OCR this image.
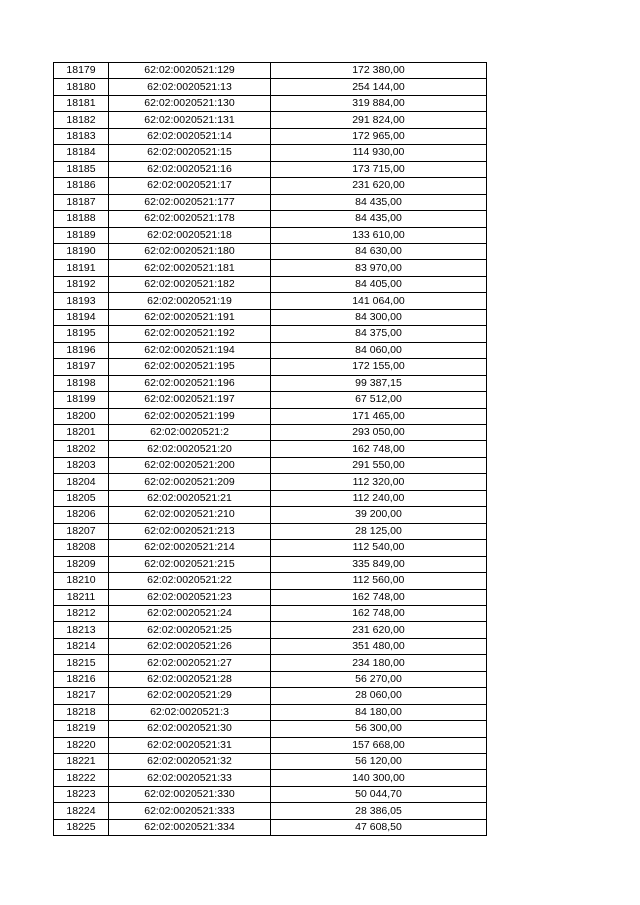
18179	62:02:0020521:129	172 380,00
18180	62:02:0020521:13	254 144,00
18181	62:02:0020521:130	319 884,00
18182	62:02:0020521:131	291 824,00
18183	62:02:0020521:14	172 965,00
18184	62:02:0020521:15	114 930,00
18185	62:02:0020521:16	173 715,00
18186	62:02:0020521:17	231 620,00
18187	62:02:0020521:177	84 435,00
18188	62:02:0020521:178	84 435,00
18189	62:02:0020521:18	133 610,00
18190	62:02:0020521:180	84 630,00
18191	62:02:0020521:181	83 970,00
18192	62:02:0020521:182	84 405,00
18193	62:02:0020521:19	141 064,00
18194	62:02:0020521:191	84 300,00
18195	62:02:0020521:192	84 375,00
18196	62:02:0020521:194	84 060,00
18197	62:02:0020521:195	172 155,00
18198	62:02:0020521:196	99 387,15
18199	62:02:0020521:197	67 512,00
18200	62:02:0020521:199	171 465,00
18201	62:02:0020521:2	293 050,00
18202	62:02:0020521:20	162 748,00
18203	62:02:0020521:200	291 550,00
18204	62:02:0020521:209	112 320,00
18205	62:02:0020521:21	112 240,00
18206	62:02:0020521:210	39 200,00
18207	62:02:0020521:213	28 125,00
18208	62:02:0020521:214	112 540,00
18209	62:02:0020521:215	335 849,00
18210	62:02:0020521:22	112 560,00
18211	62:02:0020521:23	162 748,00
18212	62:02:0020521:24	162 748,00
18213	62:02:0020521:25	231 620,00
18214	62:02:0020521:26	351 480,00
18215	62:02:0020521:27	234 180,00
18216	62:02:0020521:28	56 270,00
18217	62:02:0020521:29	28 060,00
18218	62:02:0020521:3	84 180,00
18219	62:02:0020521:30	56 300,00
18220	62:02:0020521:31	157 668,00
18221	62:02:0020521:32	56 120,00
18222	62:02:0020521:33	140 300,00
18223	62:02:0020521:330	50 044,70
18224	62:02:0020521:333	28 386,05
18225	62:02:0020521:334	47 608,50
